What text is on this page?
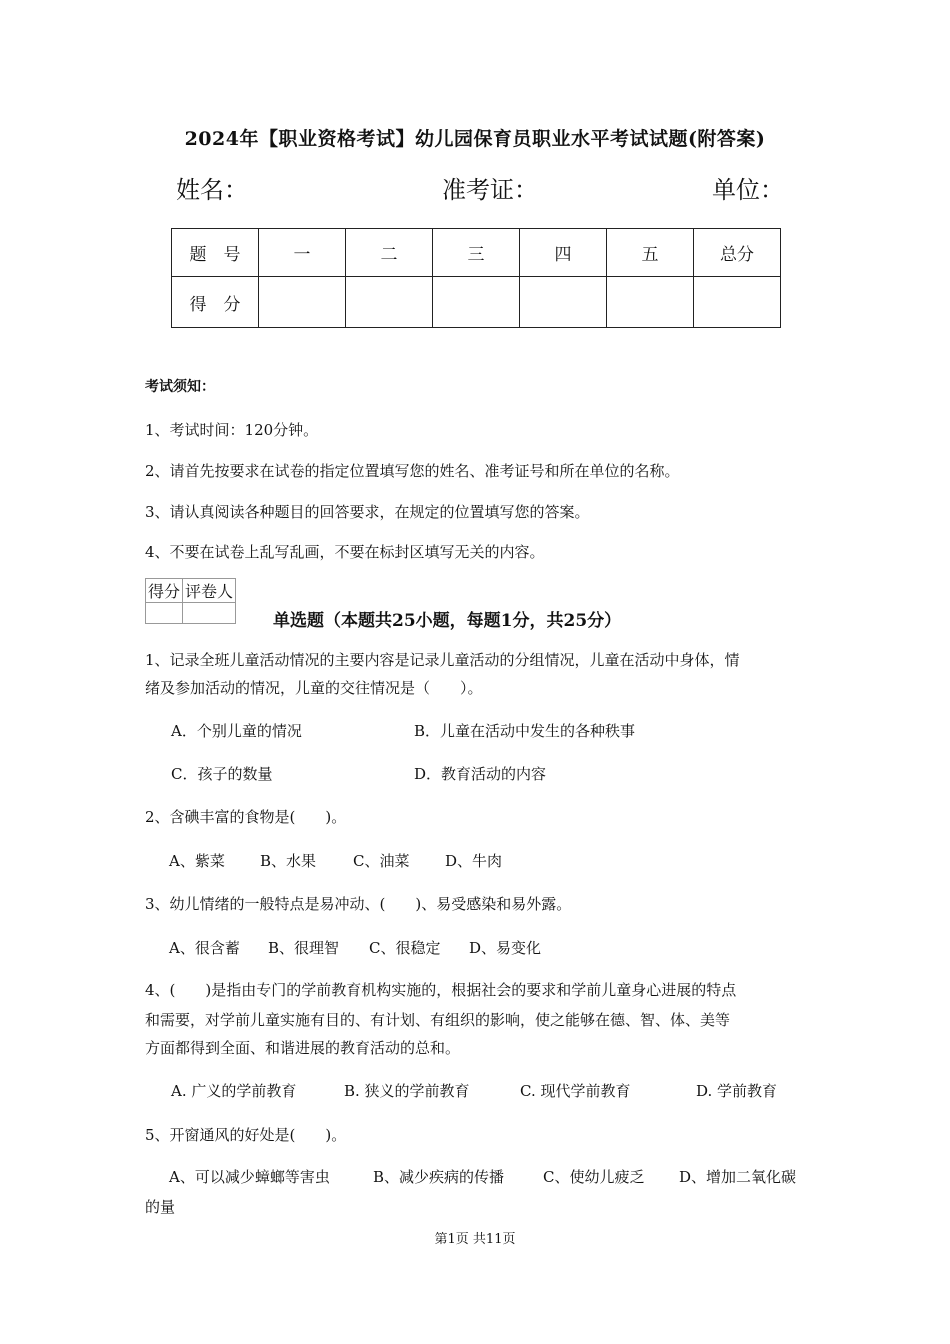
2024年【职业资格考试】幼儿园保育员职业水平考试试题(附答案)
姓名：	准考证：	单位：
题　号	一	二	三	四	五	总分
得　分						
考试须知：
1、考试时间：120分钟。
2、请首先按要求在试卷的指定位置填写您的姓名、准考证号和所在单位的名称。
3、请认真阅读各种题目的回答要求，在规定的位置填写您的答案。
4、不要在试卷上乱写乱画，不要在标封区填写无关的内容。
得分	评卷人

单选题（本题共25小题，每题1分，共25分）
1、记录全班儿童活动情况的主要内容是记录儿童活动的分组情况，儿童在活动中身体，情
绪及参加活动的情况，儿童的交往情况是（　　）。
A．个别儿童的情况	B．儿童在活动中发生的各种秩事
C．孩子的数量	D．教育活动的内容
2、含碘丰富的食物是(　　)。
A、紫菜 B、水果 C、油菜 D、牛肉
3、幼儿情绪的一般特点是易冲动、(　　)、易受感染和易外露。
A、很含蓄 B、很理智 C、很稳定 D、易变化
4、(　　)是指由专门的学前教育机构实施的，根据社会的要求和学前儿童身心进展的特点
和需要，对学前儿童实施有目的、有计划、有组织的影响，使之能够在德、智、体、美等
方面都得到全面、和谐进展的教育活动的总和。
A. 广义的学前教育	B. 狭义的学前教育	C. 现代学前教育	D. 学前教育
5、开窗通风的好处是(　　)。
A、可以减少蟑螂等害虫	B、减少疾病的传播	C、使幼儿疲乏 D、增加二氧化碳
的量
第1页 共11页
